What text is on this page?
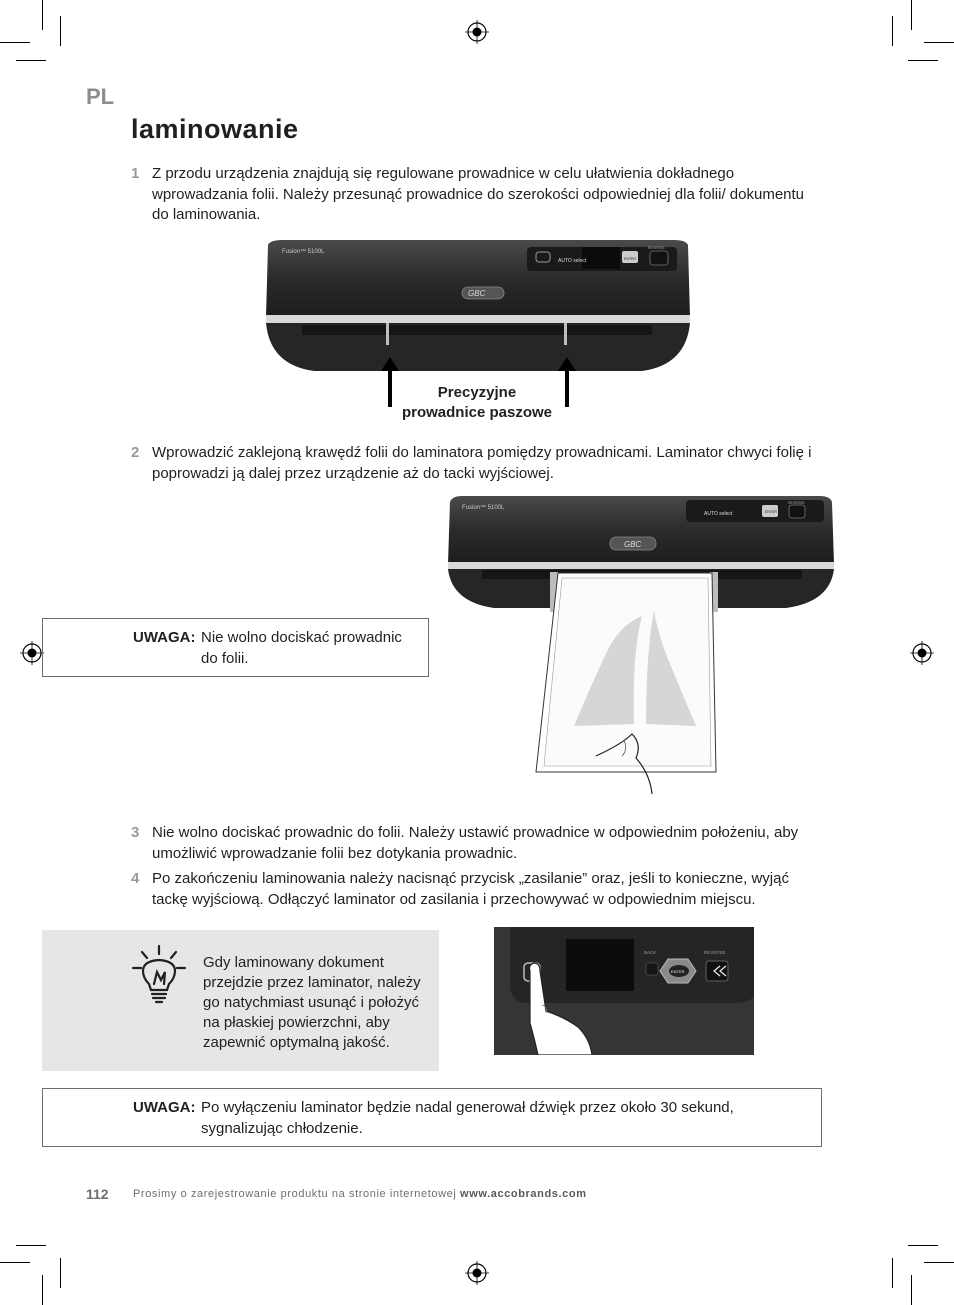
PL
laminowanie
1 Z przodu urządzenia znajdują się regulowane prowadnice w celu ułatwienia dokładnego wprowadzania folii. Należy przesunąć prowadnice do szerokości odpowiedniej dla folii/ dokumentu do laminowania.
Fusion™ 5100L
GBC
AUTO select	ENTER
REVERSE
Precyzyjne
prowadnice paszowe
2 Wprowadzić zaklejoną krawędź folii do laminatora pomiędzy prowadnicami. Laminator chwyci folię i poprowadzi ją dalej przez urządzenie aż do tacki wyjściowej.
Fusion™ 5100L
GBC
AUTO select	ENTER
REVERSE
UWAGA: Nie wolno dociskać prowadnic
do folii.
3 Nie wolno dociskać prowadnic do folii. Należy ustawić prowadnice w odpowiednim położeniu, aby umożliwić wprowadzanie folii bez dotykania prowadnic.
4 Po zakończeniu laminowania należy nacisnąć przycisk „zasilanie” oraz, jeśli to konieczne, wyjąć tackę wyjściową. Odłączyć laminator od zasilania i przechowywać w odpowiednim miejscu.
Gdy laminowany dokument przejdzie przez laminator, należy go natychmiast usunąć i położyć na płaskiej powierzchni, aby zapewnić optymalną jakość.
BACK
ENTER
REVERSE
UWAGA: Po wyłączeniu laminator będzie nadal generował dźwięk przez około 30 sekund,
sygnalizując chłodzenie.
112 Prosimy o zarejestrowanie produktu na stronie internetowej www.accobrands.com
